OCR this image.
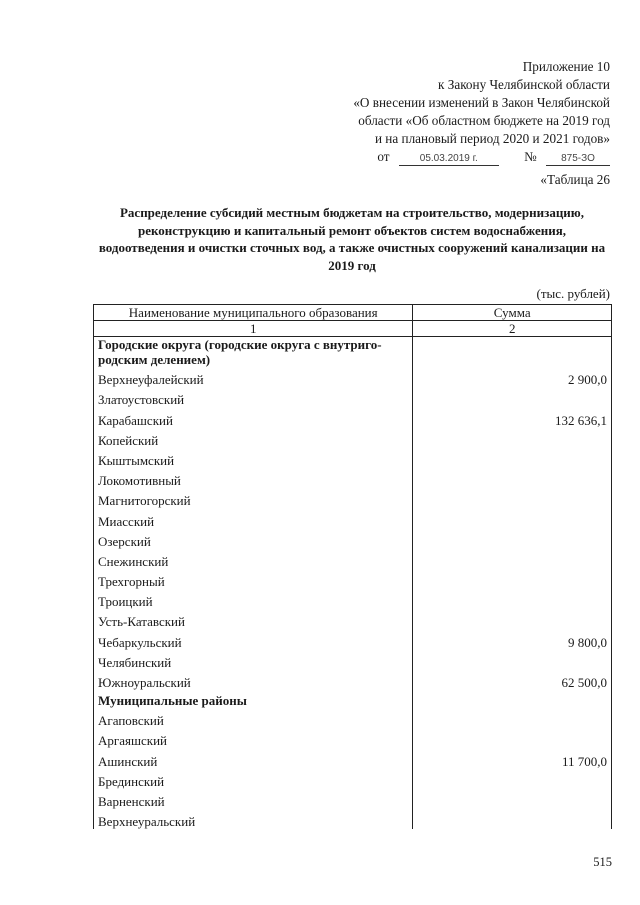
Приложение 10
к Закону Челябинской области
«О внесении изменений в Закон Челябинской
области «Об областном бюджете на 2019 год
и на плановый период 2020 и 2021 годов»
от	05.03.2019 г.	№ 875-ЗО
«Таблица 26
Распределение субсидий местным бюджетам на строительство, модернизацию, реконструкцию и капитальный ремонт объектов систем водоснабжения, водоотведения и очистки сточных вод, а также очистных сооружений канализации на 2019 год
(тыс. рублей)
Наименование муниципального образования	Сумма
1	2
Городские округа (городские округа с внутриго-родским делением)	
Верхнеуфалейский	2 900,0
Златоустовский	
Карабашский	132 636,1
Копейский	
Кыштымский	
Локомотивный	
Магнитогорский	
Миасский	
Озерский	
Снежинский	
Трехгорный	
Троицкий	
Усть-Катавский	
Чебаркульский	9 800,0
Челябинский	
Южноуральский	62 500,0
Муниципальные районы	
Агаповский	
Аргаяшский	
Ашинский	11 700,0
Брединский	
Варненский	
Верхнеуральский	
515
